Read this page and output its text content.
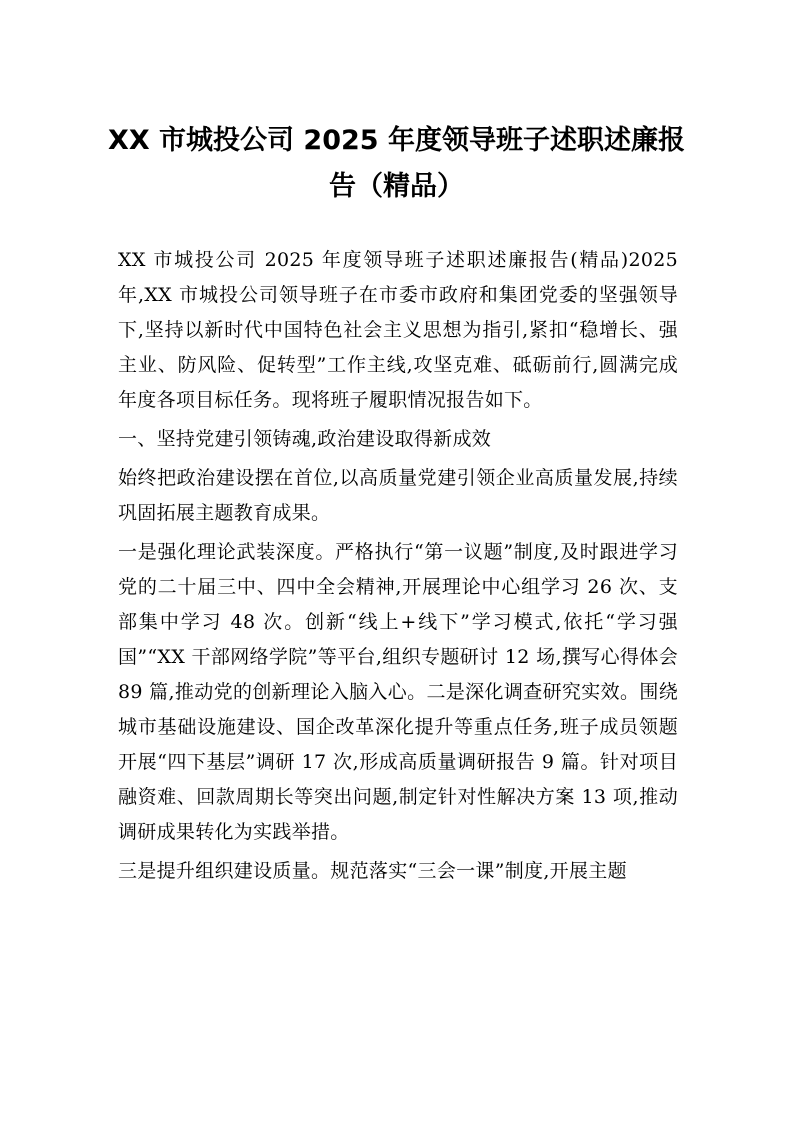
XX 市城投公司 2025 年度领导班子述职述廉报告（精品）

XX 市城投公司 2025 年度领导班子述职述廉报告(精品)2025 年,XX 市城投公司领导班子在市委市政府和集团党委的坚强领导下,坚持以新时代中国特色社会主义思想为指引,紧扣“稳增长、强主业、防风险、促转型”工作主线,攻坚克难、砥砺前行,圆满完成年度各项目标任务。现将班子履职情况报告如下。

一、坚持党建引领铸魂,政治建设取得新成效

始终把政治建设摆在首位,以高质量党建引领企业高质量发展,持续巩固拓展主题教育成果。

一是强化理论武装深度。严格执行“第一议题”制度,及时跟进学习党的二十届三中、四中全会精神,开展理论中心组学习 26 次、支部集中学习 48 次。创新“线上+线下”学习模式,依托“学习强国”“XX 干部网络学院”等平台,组织专题研讨 12 场,撰写心得体会 89 篇,推动党的创新理论入脑入心。二是深化调查研究实效。围绕城市基础设施建设、国企改革深化提升等重点任务,班子成员领题开展“四下基层”调研 17 次,形成高质量调研报告 9 篇。针对项目融资难、回款周期长等突出问题,制定针对性解决方案 13 项,推动调研成果转化为实践举措。

三是提升组织建设质量。规范落实“三会一课”制度,开展主题
